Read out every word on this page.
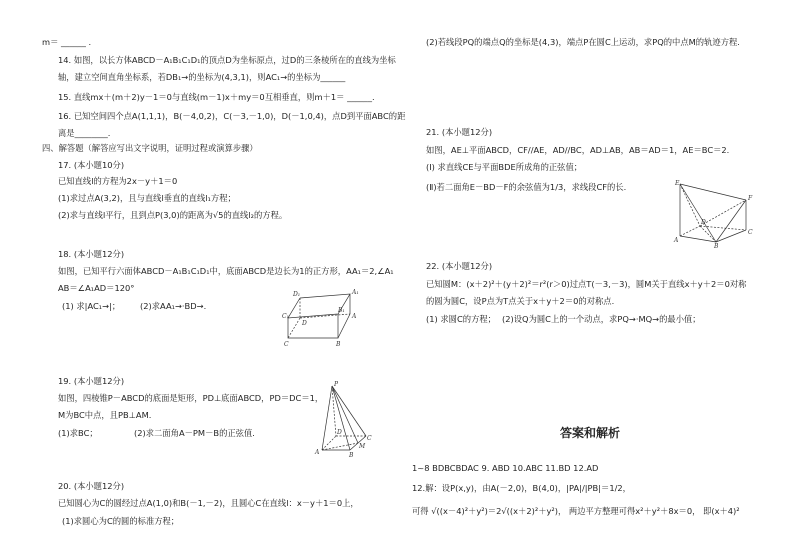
m＝ ______ .
14. 如图，以长方体ABCD－A₁B₁C₁D₁的顶点D为坐标原点，过D的三条棱所在的直线为坐标
轴，建立空间直角坐标系，若DB₁→的坐标为(4,3,1)，则AC₁→的坐标为______
15. 直线mx＋(m＋2)y－1＝0与直线(m－1)x＋my＝0互相垂直，则m＋1＝ ______.
16. 已知空间四个点A(1,1,1)，B(－4,0,2)，C(－3,－1,0)，D(－1,0,4)，点D到平面ABC的距
离是________.
四、解答题（解答应写出文字说明，证明过程或演算步骤）
17. (本小题10分)
已知直线l的方程为2x－y＋1＝0
(1)求过点A(3,2)，且与直线l垂直的直线l₁方程；
(2)求与直线l平行，且到点P(3,0)的距离为√5的直线l₂的方程。
18. (本小题12分)
如图，已知平行六面体ABCD－A₁B₁C₁D₁中，底面ABCD是边长为1的正方形，AA₁＝2,∠A₁
AB＝∠A₁AD＝120°
(1) 求|AC₁→|； (2)求AA₁→·BD→.
D₁
C₁
A₁
B₁
D
C
A
B
19. (本小题12分)
如图，四棱锥P－ABCD的底面是矩形，PD⊥底面ABCD，PD＝DC＝1，
M为BC中点，且PB⊥AM.
(1)求BC；	(2)求二面角A－PM－B的正弦值.
P
A	B
C
D
M
20. (本小题12分)
已知圆心为C的圆经过点A(1,0)和B(－1,－2)，且圆心C在直线l：x－y＋1＝0上，
(1)求圆心为C的圆的标准方程；
(2)若线段PQ的端点Q的坐标是(4,3)，端点P在圆C上运动，求PQ的中点M的轨迹方程.
21. (本小题12分)
如图，AE⊥平面ABCD，CF//AE，AD//BC，AD⊥AB，AB＝AD＝1，AE＝BC＝2.
(Ⅰ) 求直线CE与平面BDE所成角的正弦值；
(Ⅱ)若二面角E－BD－F的余弦值为1/3，求线段CF的长.	E
F
A
B
C
D
22. (本小题12分)
已知圆M：(x＋2)²＋(y＋2)²＝r²(r＞0)过点T(－3,－3)，圆M关于直线x＋y＋2＝0对称
的圆为圆C，设P点为T点关于x＋y＋2＝0的对称点.
(1) 求圆C的方程； (2)设Q为圆C上的一个动点，求PQ→·MQ→的最小值；
答案和解析
1~8 BDBCBDAC 9. ABD 10.ABC 11.BD 12.AD
12.解：设P(x,y)，由A(－2,0)，B(4,0)，|PA|/|PB|＝1/2，
可得 √((x－4)²＋y²)＝2√((x＋2)²＋y²)， 两边平方整理可得x²＋y²＋8x＝0， 即(x＋4)²
